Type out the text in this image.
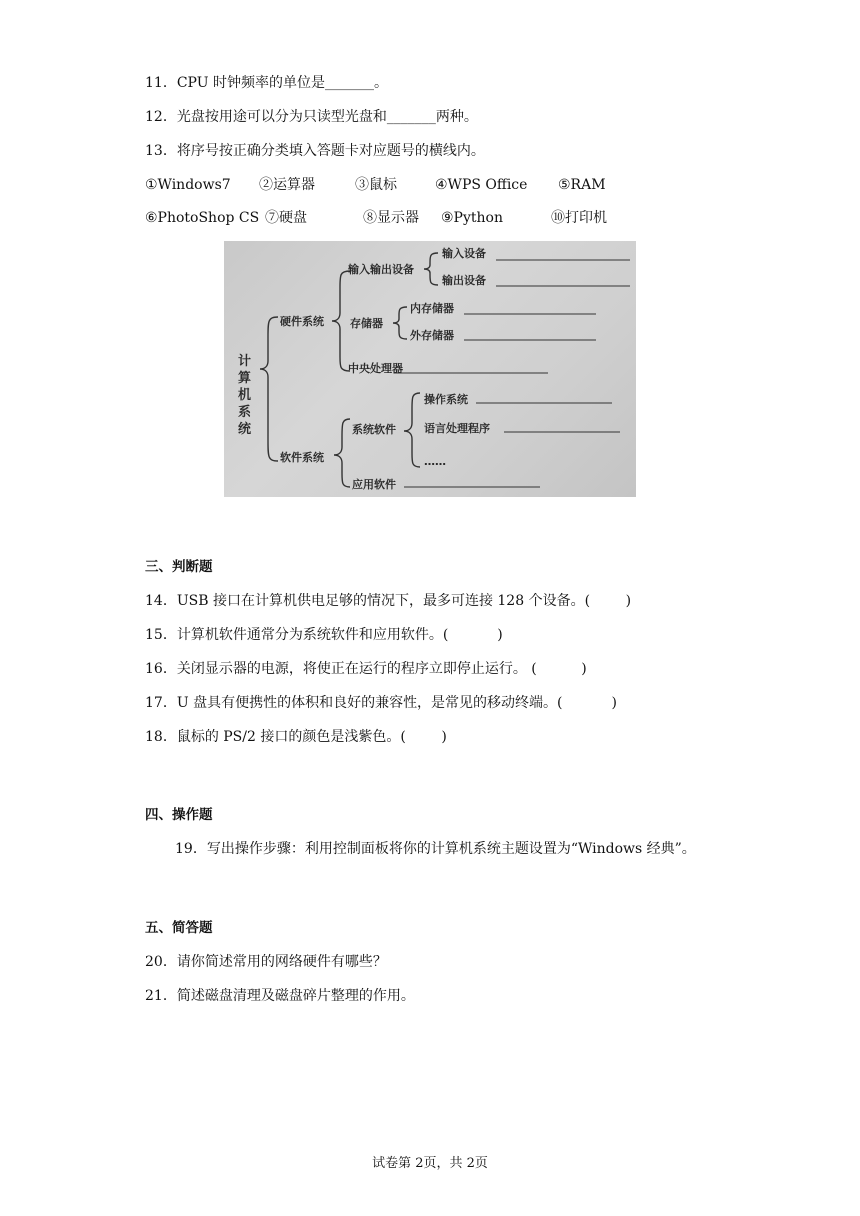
11．CPU 时钟频率的单位是_______。
12．光盘按用途可以分为只读型光盘和_______两种。
13．将序号按正确分类填入答题卡对应题号的横线内。
①Windows7 ②运算器	③鼠标	④WPS Office ⑤RAM
⑥PhotoShop CS ⑦硬盘	⑧显示器 ⑨Python	⑩打印机
计算机系统
硬件系统
输入输出设备
输入设备
输出设备
存储器
内存储器
外存储器
中央处理器
软件系统
系统软件
操作系统
语言处理程序
……
应用软件
三、判断题
14．USB 接口在计算机供电足够的情况下，最多可连接 128 个设备。(        )
15．计算机软件通常分为系统软件和应用软件。(           )
16．关闭显示器的电源，将使正在运行的程序立即停止运行。 (          )
17．U 盘具有便携性的体积和良好的兼容性，是常见的移动终端。(           )
18．鼠标的 PS/2 接口的颜色是浅紫色。(        )
四、操作题
19．写出操作步骤：利用控制面板将你的计算机系统主题设置为“Windows 经典”。
五、简答题
20．请你简述常用的网络硬件有哪些？
21．简述磁盘清理及磁盘碎片整理的作用。
试卷第 2页，共 2页
